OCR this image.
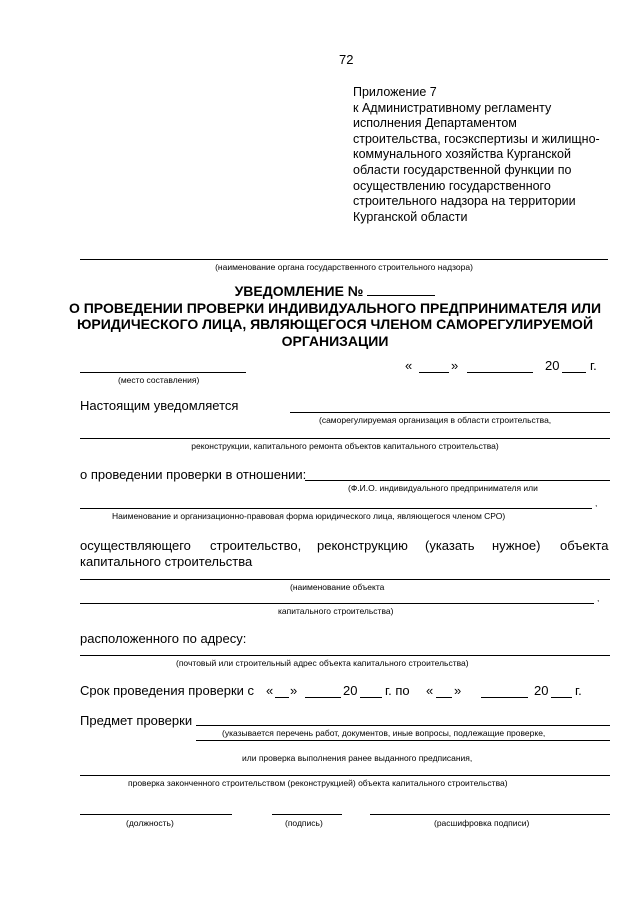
72
Приложение 7
к Административному регламенту
исполнения Департаментом
строительства, госэкспертизы и жилищно-
коммунального хозяйства Курганской
области государственной функции по
осуществлению государственного
строительного надзора на территории
Курганской области
(наименование органа государственного строительного надзора)
УВЕДОМЛЕНИЕ №
О ПРОВЕДЕНИИ ПРОВЕРКИ ИНДИВИДУАЛЬНОГО ПРЕДПРИНИМАТЕЛЯ ИЛИ
ЮРИДИЧЕСКОГО ЛИЦА, ЯВЛЯЮЩЕГОСЯ ЧЛЕНОМ САМОРЕГУЛИРУЕМОЙ
ОРГАНИЗАЦИИ
(место составления)
«	»	20 г.
Настоящим уведомляется
(саморегулируемая организация в области строительства,
реконструкции, капитального ремонта объектов капитального строительства)
о проведении проверки в отношении:
(Ф.И.О. индивидуального предпринимателя или
,
Наименование и организационно-правовая форма юридического лица, являющегося членом СРО)
осуществляющего строительство, реконструкцию (указать нужное) объекта
капитального строительства
(наименование объекта
,
капитального строительства)
расположенного по адресу:
(почтовый или строительный адрес объекта капитального строительства)
Срок проведения проверки с « »	20 г. по « »	20 г.
Предмет проверки
(указывается перечень работ, документов, иные вопросы, подлежащие проверке,
или проверка выполнения ранее выданного предписания,
проверка законченного строительством (реконструкцией) объекта капитального строительства)
(должность)	(подпись)	(расшифровка подписи)
